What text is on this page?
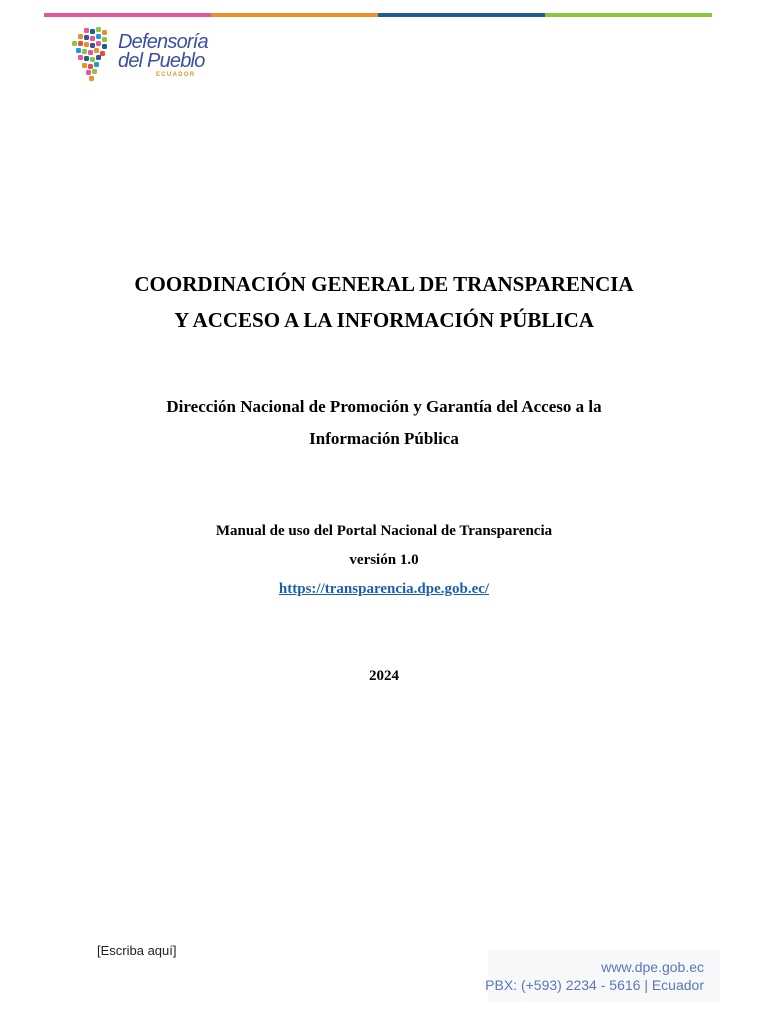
Defensoría
del Pueblo
ECUADOR
COORDINACIÓN GENERAL DE TRANSPARENCIA
Y ACCESO A LA INFORMACIÓN PÚBLICA
Dirección Nacional de Promoción y Garantía del Acceso a la
Información Pública
Manual de uso del Portal Nacional de Transparencia
versión 1.0
https://transparencia.dpe.gob.ec/
2024
[Escriba aquí]
www.dpe.gob.ec
PBX: (+593) 2234 - 5616 | Ecuador
